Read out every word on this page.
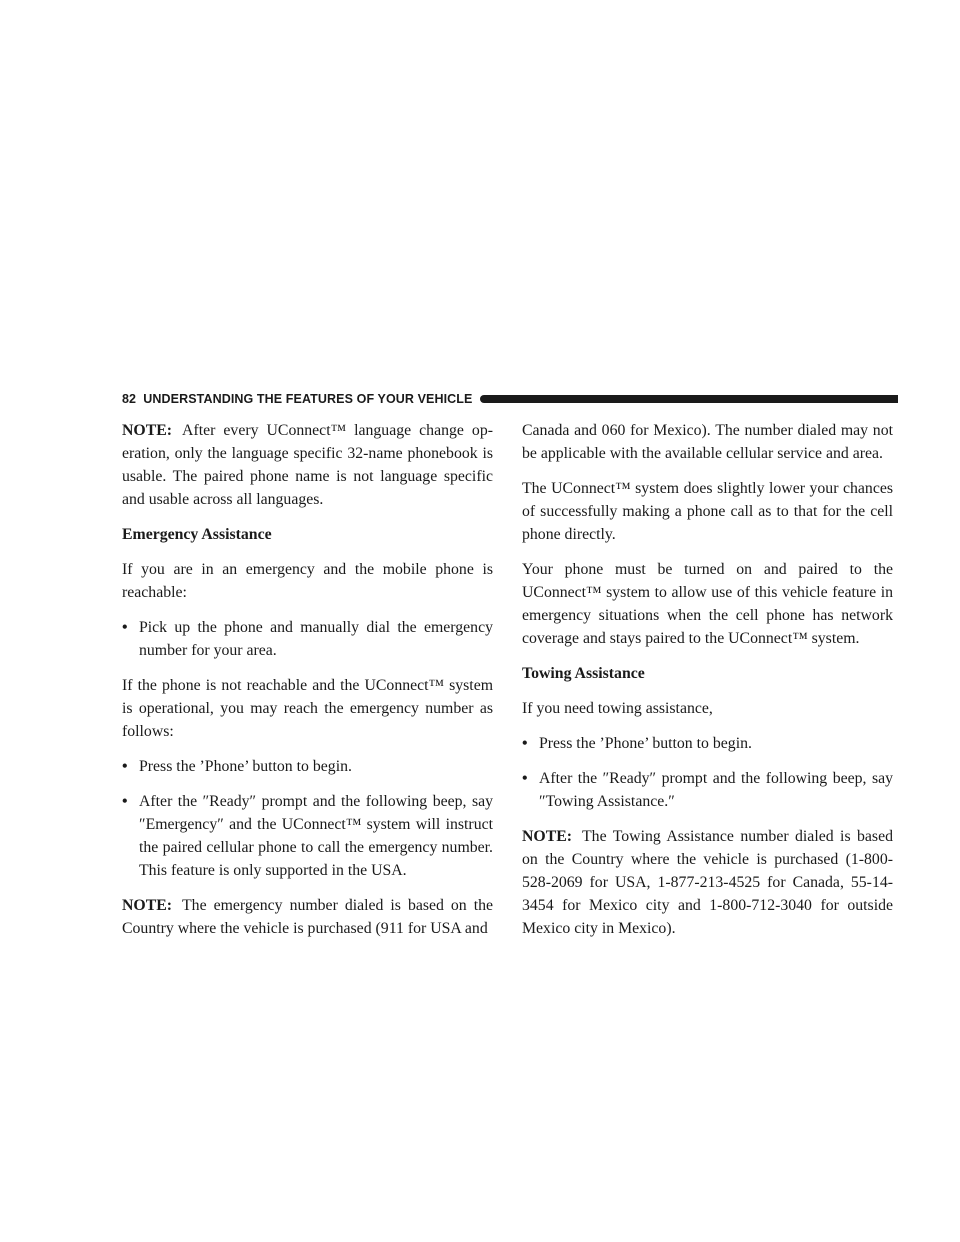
82
UNDERSTANDING THE FEATURES OF YOUR VEHICLE

NOTE: After every UConnect™ language change operation, only the language specific 32-name phonebook is usable. The paired phone name is not language specific and usable across all languages.

Emergency Assistance

If you are in an emergency and the mobile phone is reachable:

• Pick up the phone and manually dial the emergency number for your area.

If the phone is not reachable and the UConnect™ system is operational, you may reach the emergency number as follows:

• Press the ’Phone’ button to begin.
• After the ″Ready″ prompt and the following beep, say ″Emergency″ and the UConnect™ system will instruct the paired cellular phone to call the emergency number. This feature is only supported in the USA.

NOTE: The emergency number dialed is based on the Country where the vehicle is purchased (911 for USA and

Canada and 060 for Mexico). The number dialed may not be applicable with the available cellular service and area.

The UConnect™ system does slightly lower your chances of successfully making a phone call as to that for the cell phone directly.

Your phone must be turned on and paired to the UConnect™ system to allow use of this vehicle feature in emergency situations when the cell phone has network coverage and stays paired to the UConnect™ system.

Towing Assistance

If you need towing assistance,

• Press the ’Phone’ button to begin.
• After the ″Ready″ prompt and the following beep, say ″Towing Assistance.″

NOTE: The Towing Assistance number dialed is based on the Country where the vehicle is purchased (1-800-528-2069 for USA, 1-877-213-4525 for Canada, 55-14-3454 for Mexico city and 1-800-712-3040 for outside Mexico city in Mexico).
